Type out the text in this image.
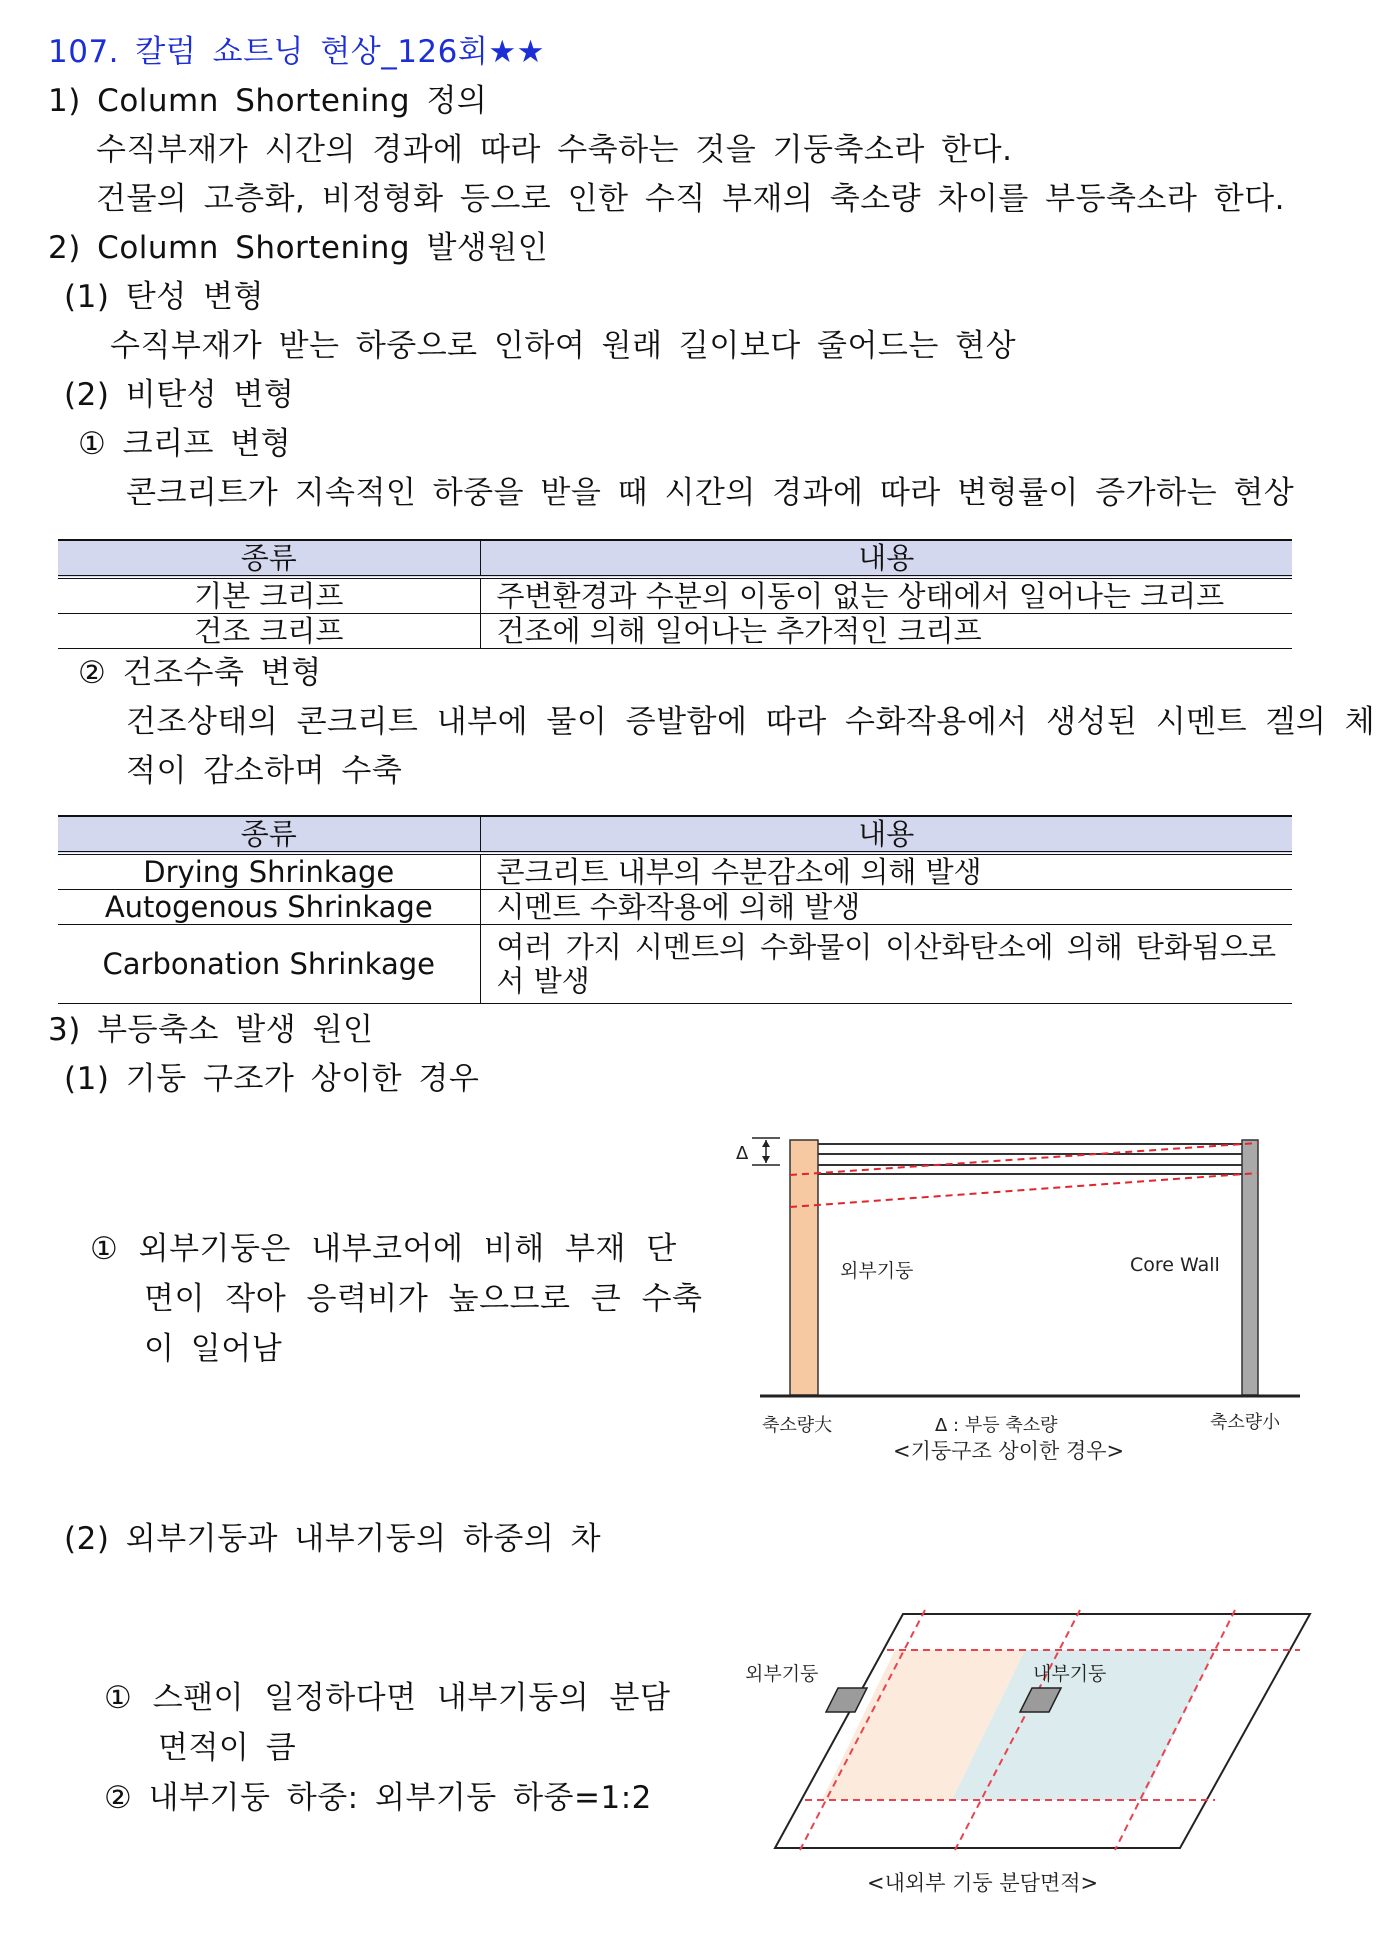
107. 칼럼 쇼트닝 현상_126회★★
1) Column Shortening 정의
수직부재가 시간의 경과에 따라 수축하는 것을 기둥축소라 한다.
건물의 고층화, 비정형화 등으로 인한 수직 부재의 축소량 차이를 부등축소라 한다.
2) Column Shortening 발생원인
(1) 탄성 변형
수직부재가 받는 하중으로 인하여 원래 길이보다 줄어드는 현상
(2) 비탄성 변형
① 크리프 변형
콘크리트가 지속적인 하중을 받을 때 시간의 경과에 따라 변형률이 증가하는 현상
종류	내용
기본 크리프	주변환경과 수분의 이동이 없는 상태에서 일어나는 크리프
건조 크리프	건조에 의해 일어나는 추가적인 크리프
② 건조수축 변형
건조상태의 콘크리트 내부에 물이 증발함에 따라 수화작용에서 생성된 시멘트 겔의 체
적이 감소하며 수축
종류	내용
Drying Shrinkage	콘크리트 내부의 수분감소에 의해 발생
Autogenous Shrinkage	시멘트 수화작용에 의해 발생
Carbonation Shrinkage	여러 가지 시멘트의 수화물이 이산화탄소에 의해 탄화됨으로서 발생
3) 부등축소 발생 원인
(1) 기둥 구조가 상이한 경우
① 외부기둥은 내부코어에 비해 부재 단
면이 작아 응력비가 높으므로 큰 수축
이 일어남
Δ
외부기둥	Core Wall
축소량大	Δ : 부등 축소량	축소량小
<기둥구조 상이한 경우>
(2) 외부기둥과 내부기둥의 하중의 차
① 스팬이 일정하다면 내부기둥의 분담
면적이 큼
② 내부기둥 하중: 외부기둥 하중=1:2
외부기둥	내부기둥
<내외부 기둥 분담면적>
